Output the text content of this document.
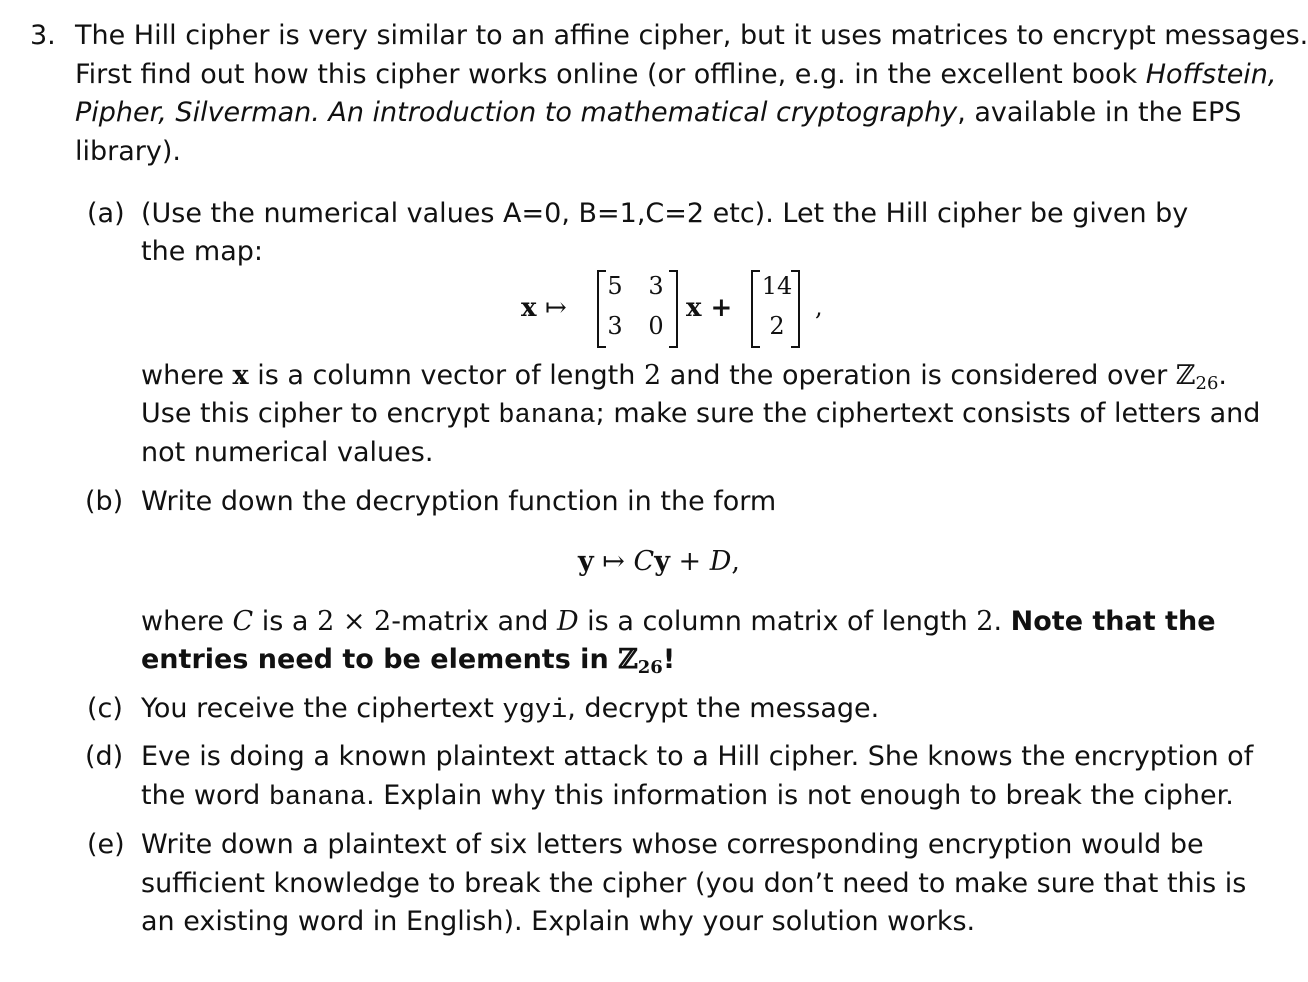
3. The Hill cipher is very similar to an affine cipher, but it uses matrices to encrypt messages.
First find out how this cipher works online (or offline, e.g. in the excellent book Hoffstein,
Pipher, Silverman. An introduction to mathematical cryptography, available in the EPS
library).
(a) (Use the numerical values A=0, B=1,C=2 etc). Let the Hill cipher be given by
the map:
x ↦
5 3
3 0
x +
14
2
,
where x is a column vector of length 2 and the operation is considered over ℤ$_{26}$.
Use this cipher to encrypt banana; make sure the ciphertext consists of letters and
not numerical values.
(b) Write down the decryption function in the form
y ↦ Cy + D,
where C is a 2 × 2-matrix and D is a column matrix of length 2. Note that the
entries need to be elements in ℤ$_{26}$!
(c) You receive the ciphertext ygyi, decrypt the message.
(d) Eve is doing a known plaintext attack to a Hill cipher. She knows the encryption of
the word banana. Explain why this information is not enough to break the cipher.
(e) Write down a plaintext of six letters whose corresponding encryption would be
sufficient knowledge to break the cipher (you don’t need to make sure that this is
an existing word in English). Explain why your solution works.
